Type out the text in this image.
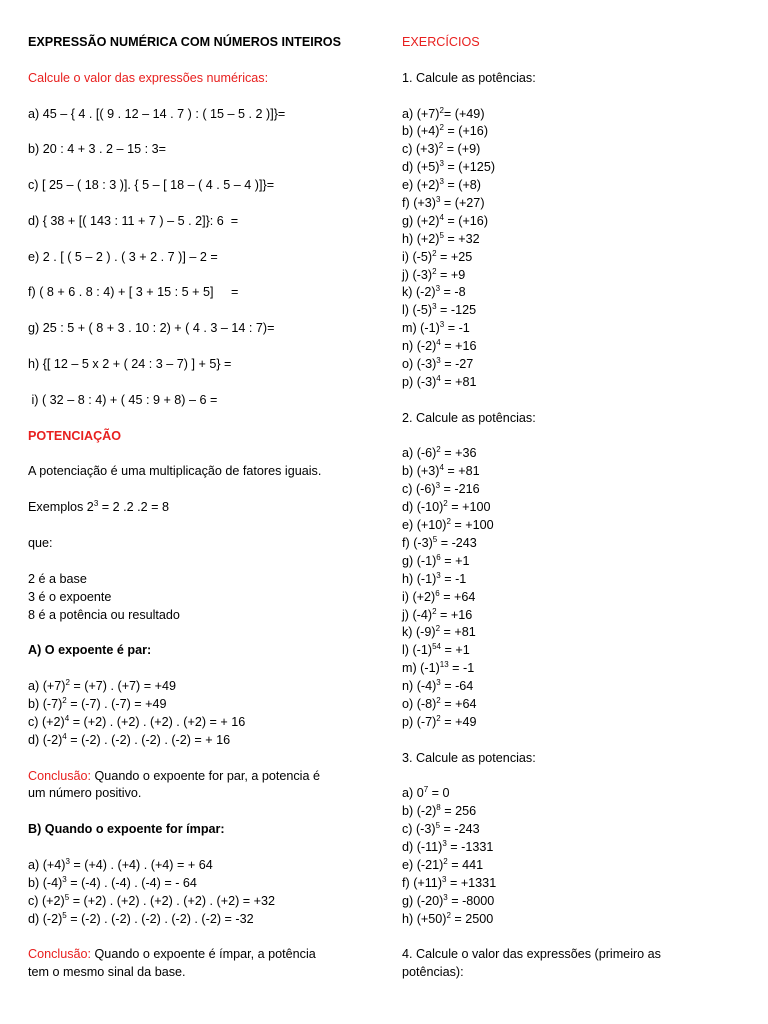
EXPRESSÃO NUMÉRICA COM NÚMEROS INTEIROS
Calcule o valor das expressões numéricas:
a) 45 – { 4 . [( 9 . 12 – 14 . 7 ) : ( 15 – 5 . 2 )]}=
b) 20 : 4 + 3 . 2 – 15 : 3=
c) [ 25 – ( 18 : 3 )]. { 5 – [ 18 – ( 4 . 5 – 4 )]}=
d) { 38 + [( 143 : 11 + 7 ) – 5 . 2]}: 6  =
e) 2 . [ ( 5 – 2 ) . ( 3 + 2 . 7 )] – 2 =
f) ( 8 + 6 . 8 : 4) + [ 3 + 15 : 5 + 5]     =
g) 25 : 5 + ( 8 + 3 . 10 : 2) + ( 4 . 3 – 14 : 7)=
h) {[ 12 – 5 x 2 + ( 24 : 3 – 7) ] + 5} =
i) ( 32 – 8 : 4) + ( 45 : 9 + 8) – 6 =
POTENCIAÇÃO
A potenciação é uma multiplicação de fatores iguais.
Exemplos $2^3 = 2$ .2 .2 = 8
que:
2 é a base
3 é o expoente
8 é a potência ou resultado
A) O expoente é par:
a) $(+7)^2 = (+7)$ . (+7) = +49
b) $(-7)^2 = (-7)$ . (-7) = +49
c) $(+2)^4 = (+2)$ . (+2) . (+2) . (+2) = + 16
d) $(-2)^4 = (-2)$ . (-2) . (-2) . (-2) = + 16
Conclusão: Quando o expoente for par, a potencia é
um número positivo.
B) Quando o expoente for ímpar:
a) $(+4)^3 = (+4)$ . (+4) . (+4) = + 64
b) $(-4)^3 = (-4)$ . (-4) . (-4) = - 64
c) $(+2)^5 = (+2)$ . (+2) . (+2) . (+2) . (+2) = +32
d) $(-2)^5 = (-2)$ . (-2) . (-2) . (-2) . (-2) = -32
Conclusão: Quando o expoente é ímpar, a potência
tem o mesmo sinal da base.
EXERCÍCIOS
1. Calcule as potências:
a) $(+7)^2= (+49)$
b) $(+4)^2 = (+16)$
c) $(+3)^2 = (+9)$
d) $(+5)^3 = (+125)$
e) $(+2)^3 = (+8)$
f) $(+3)^3 = (+27)$
g) $(+2)^4 = (+16)$
h) $(+2)^5 = +32$
i) $(-5)^2 = +25$
j) $(-3)^2 = +9$
k) $(-2)^3 = -8$
l) $(-5)^3 = -125$
m) $(-1)^3 = -1$
n) $(-2)^4 = +16$
o) $(-3)^3 = -27$
p) $(-3)^4 = +81$
2. Calcule as potências:
a) $(-6)^2 = +36$
b) $(+3)^4 = +81$
c) $(-6)^3 = -216$
d) $(-10)^2 = +100$
e) $(+10)^2 = +100$
f) $(-3)^5 = -243$
g) $(-1)^6 = +1$
h) $(-1)^3 = -1$
i) $(+2)^6 = +64$
j) $(-4)^2 = +16$
k) $(-9)^2 = +81$
l) $(-1)^{54} = +1$
m) $(-1)^{13} = -1$
n) $(-4)^3 = -64$
o) $(-8)^2 = +64$
p) $(-7)^2 = +49$
3. Calcule as potencias:
a) $0^7 = 0$
b) $(-2)^8 = 256$
c) $(-3)^5 = -243$
d) $(-11)^3 = -1331$
e) $(-21)^2 = 441$
f) $(+11)^3 = +1331$
g) $(-20)^3 = -8000$
h) $(+50)^2 = 2500$
4. Calcule o valor das expressões (primeiro as
potências):
